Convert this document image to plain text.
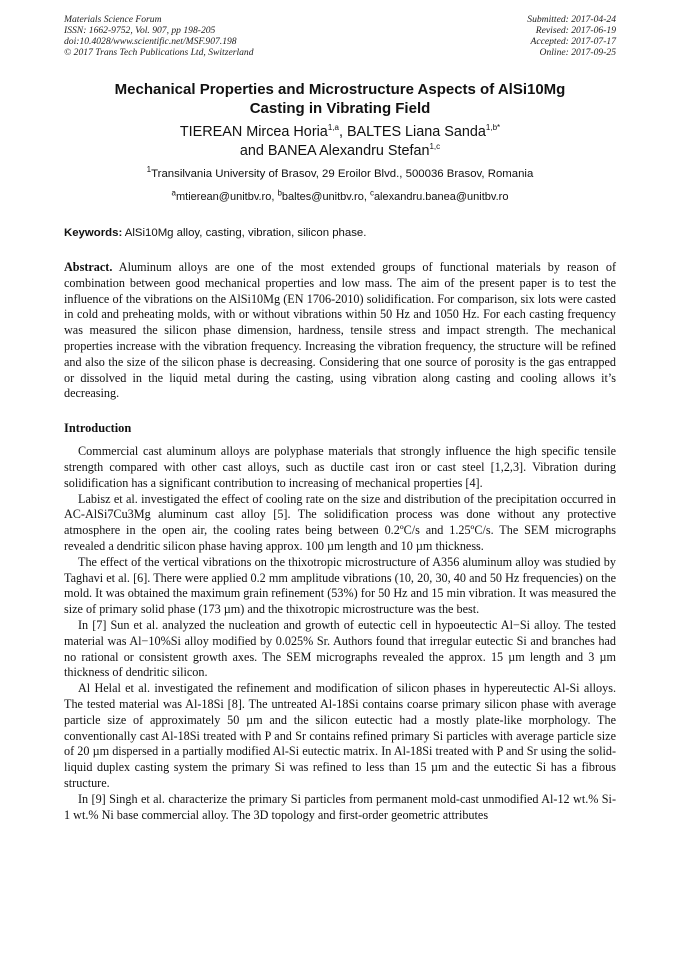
Materials Science Forum
ISSN: 1662-9752, Vol. 907, pp 198-205
doi:10.4028/www.scientific.net/MSF.907.198
© 2017 Trans Tech Publications Ltd, Switzerland
Submitted: 2017-04-24
Revised: 2017-06-19
Accepted: 2017-07-17
Online: 2017-09-25
Mechanical Properties and Microstructure Aspects of AlSi10Mg
Casting in Vibrating Field
TIEREAN Mircea Horia$^{1,a}$, BALTES Liana Sanda$^{1,b*}$
and BANEA Alexandru Stefan$^{1,c}$
$^1$Transilvania University of Brasov, 29 Eroilor Blvd., 500036 Brasov, Romania
$^a$mtierean@unitbv.ro, $^b$baltes@unitbv.ro, $^c$alexandru.banea@unitbv.ro
Keywords: AlSi10Mg alloy, casting, vibration, silicon phase.
Abstract. Aluminum alloys are one of the most extended groups of functional materials by reason of combination between good mechanical properties and low mass. The aim of the present paper is to test the influence of the vibrations on the AlSi10Mg (EN 1706-2010) solidification. For comparison, six lots were casted in cold and preheating molds, with or without vibrations within 50 Hz and 1050 Hz. For each casting frequency was measured the silicon phase dimension, hardness, tensile stress and impact strength. The mechanical properties increase with the vibration frequency. Increasing the vibration frequency, the structure will be refined and also the size of the silicon phase is decreasing. Considering that one source of porosity is the gas entrapped or dissolved in the liquid metal during the casting, using vibration along casting and cooling allows it’s decreasing.
Introduction

Commercial cast aluminum alloys are polyphase materials that strongly influence the high specific tensile strength compared with other cast alloys, such as ductile cast iron or cast steel [1,2,3]. Vibration during solidification has a significant contribution to increasing of mechanical properties [4].

Labisz et al. investigated the effect of cooling rate on the size and distribution of the precipitation occurred in AC-AlSi7Cu3Mg aluminum cast alloy [5]. The solidification process was done without any protective atmosphere in the open air, the cooling rates being between 0.2ºC/s and 1.25ºC/s. The SEM micrographs revealed a dendritic silicon phase having approx. 100 µm length and 10 µm thickness.

The effect of the vertical vibrations on the thixotropic microstructure of A356 aluminum alloy was studied by Taghavi et al. [6]. There were applied 0.2 mm amplitude vibrations (10, 20, 30, 40 and 50 Hz frequencies) on the mold. It was obtained the maximum grain refinement (53%) for 50 Hz and 15 min vibration. It was measured the size of primary solid phase (173 µm) and the thixotropic microstructure was the best.

In [7] Sun et al. analyzed the nucleation and growth of eutectic cell in hypoeutectic Al−Si alloy. The tested material was Al−10%Si alloy modified by 0.025% Sr. Authors found that irregular eutectic Si and branches had no rational or consistent growth axes. The SEM micrographs revealed the approx. 15 µm length and 3 µm thickness of dendritic silicon.

Al Helal et al. investigated the refinement and modification of silicon phases in hypereutectic Al-Si alloys. The tested material was Al-18Si [8]. The untreated Al-18Si contains coarse primary silicon phase with average particle size of approximately 50 µm and the silicon eutectic had a mostly plate-like morphology. The conventionally cast Al-18Si treated with P and Sr contains refined primary Si particles with average particle size of 20 µm dispersed in a partially modified Al-Si eutectic matrix. In Al-18Si treated with P and Sr using the solid-liquid duplex casting system the primary Si was refined to less than 15 µm and the eutectic Si has a fibrous structure.

In [9] Singh et al. characterize the primary Si particles from permanent mold-cast unmodified Al-12 wt.% Si-1 wt.% Ni base commercial alloy. The 3D topology and first-order geometric attributes
